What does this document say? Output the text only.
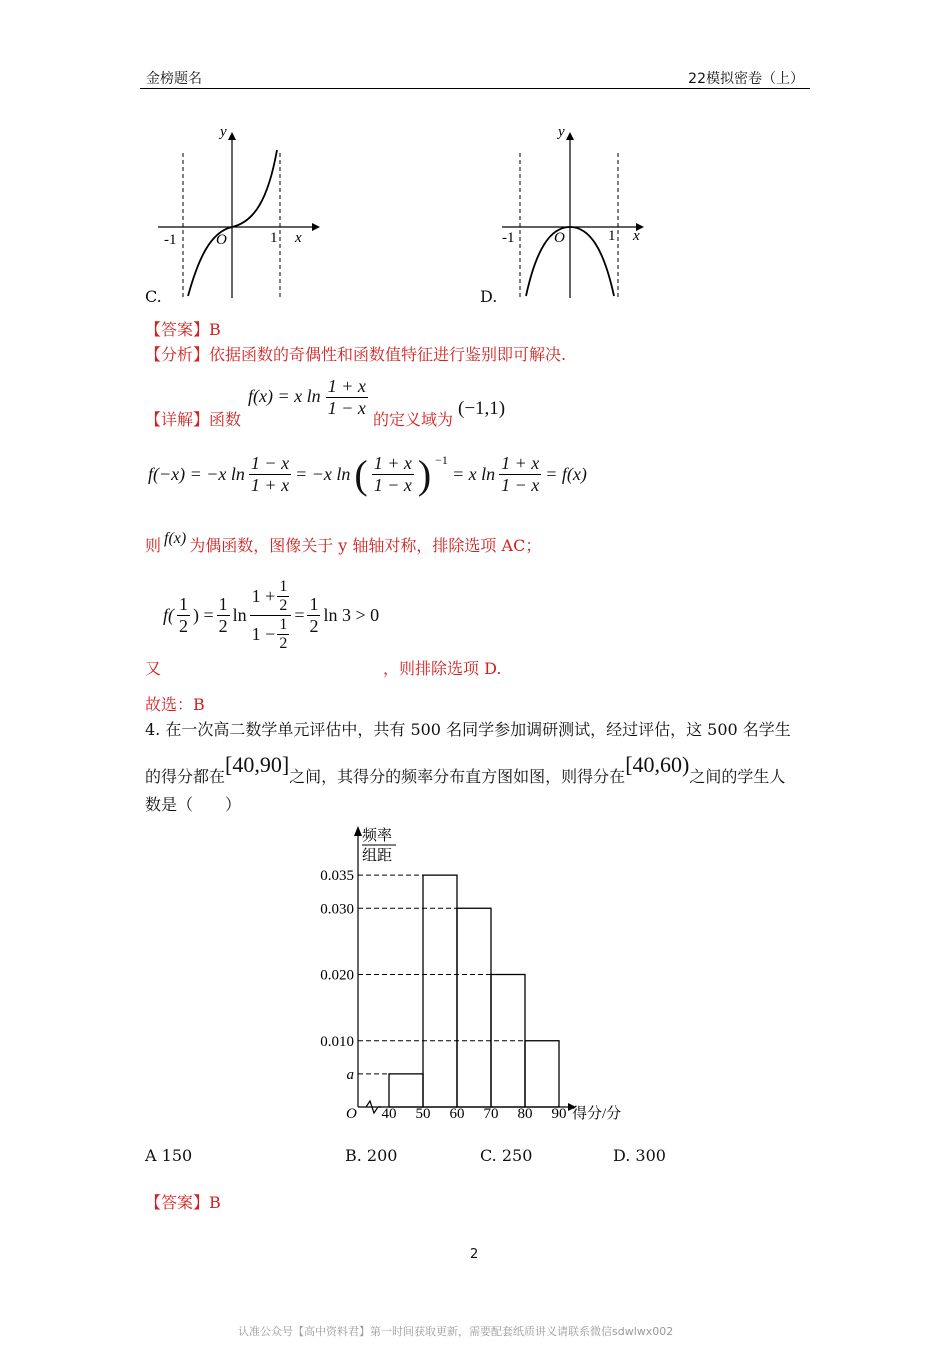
金榜题名	22模拟密卷（上）
y
x
O
-1	1
C.
y
x
O
-1	1
D.
【答案】B
【分析】依据函数的奇偶性和函数值特征进行鉴别即可解决.
【详解】函数
f(x) = x $\ln \frac{1 + x}{1 - x}$
的定义域为
(−1,1)
f(−x) = −x $\ln \frac{1 - x}{1 + x} = -x$ ln ( $\frac{1 + x}{1 - x}$ ) −1
= x $\ln \frac{1 + x}{1 - x} = f(x)$
则 f(x) 为偶函数，图像关于 y 轴轴对称，排除选项 AC；
$f( \frac{1}{2}$ ) = $\frac{1}{2}$ $\ln \frac{1 + \frac{1}{2}}{1 - \frac{1}{2}} = \frac{1}{2}$ ln 3 > 0
又	，则排除选项 D.
故选：B
4. 在一次高二数学单元评估中，共有 500 名同学参加调研测试，经过评估，这 500 名学生
的得分都在[40,90]之间，其得分的频率分布直方图如图，则得分在[40,60)之间的学生人
数是（　　）
频率
组距
O	得分/分
0.035
0.030
0.020
0.010
a
40 50 60 70 80 90
A 150	B. 200	C. 250	D. 300
【答案】B
2
认准公众号【高中资料君】第一时间获取更新，需要配套纸质讲义请联系微信sdwlwx002
